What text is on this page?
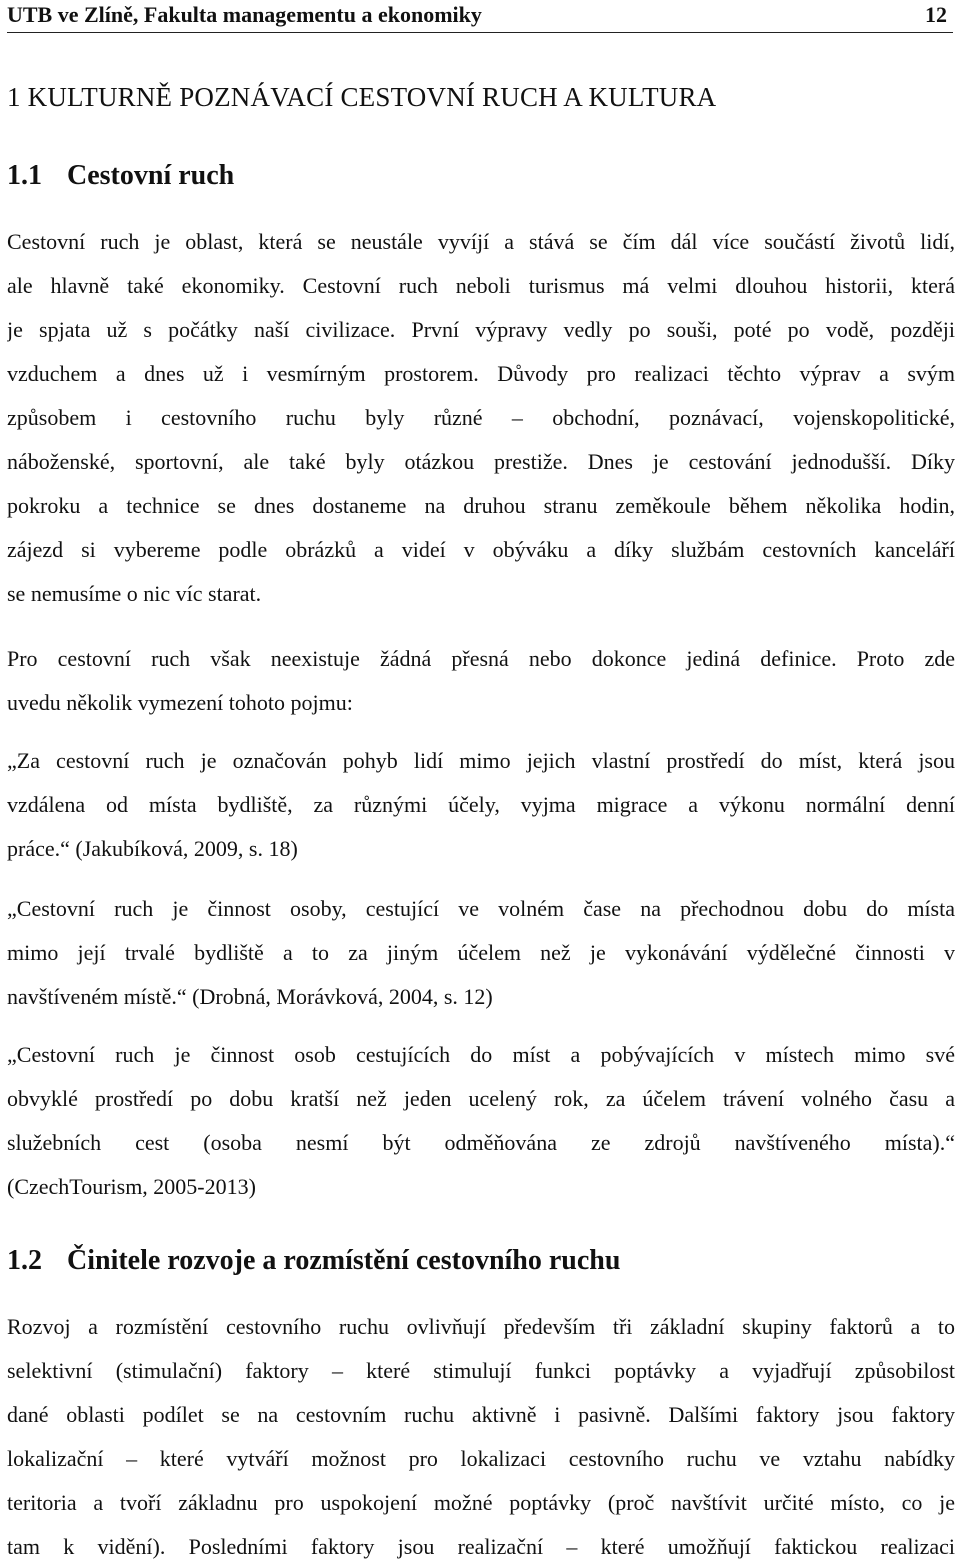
UTB ve Zlíně, Fakulta managementu a ekonomiky	12
1 KULTURNĚ POZNÁVACÍ CESTOVNÍ RUCH A KULTURA
1.1 Cestovní ruch
Cestovní ruch je oblast, která se neustále vyvíjí a stává se čím dál více součástí životů lidí,
ale hlavně také ekonomiky. Cestovní ruch neboli turismus má velmi dlouhou historii, která
je spjata už s počátky naší civilizace. První výpravy vedly po souši, poté po vodě, později
vzduchem a dnes už i vesmírným prostorem. Důvody pro realizaci těchto výprav a svým
způsobem i cestovního ruchu byly různé – obchodní, poznávací, vojenskopolitické,
náboženské, sportovní, ale také byly otázkou prestiže. Dnes je cestování jednodušší. Díky
pokroku a technice se dnes dostaneme na druhou stranu zeměkoule během několika hodin,
zájezd si vybereme podle obrázků a videí v obýváku a díky službám cestovních kanceláří
se nemusíme o nic víc starat.
Pro cestovní ruch však neexistuje žádná přesná nebo dokonce jediná definice. Proto zde
uvedu několik vymezení tohoto pojmu:
„Za cestovní ruch je označován pohyb lidí mimo jejich vlastní prostředí do míst, která jsou
vzdálena od místa bydliště, za různými účely, vyjma migrace a výkonu normální denní
práce.“ (Jakubíková, 2009, s. 18)
„Cestovní ruch je činnost osoby, cestující ve volném čase na přechodnou dobu do místa
mimo její trvalé bydliště a to za jiným účelem než je vykonávání výdělečné činnosti v
navštíveném místě.“ (Drobná, Morávková, 2004, s. 12)
„Cestovní ruch je činnost osob cestujících do míst a pobývajících v místech mimo své
obvyklé prostředí po dobu kratší než jeden ucelený rok, za účelem trávení volného času a
služebních cest (osoba nesmí být odměňována ze zdrojů navštíveného místa).“
(CzechTourism, 2005-2013)
1.2 Činitele rozvoje a rozmístění cestovního ruchu
Rozvoj a rozmístění cestovního ruchu ovlivňují především tři základní skupiny faktorů a to
selektivní (stimulační) faktory – které stimulují funkci poptávky a vyjadřují způsobilost
dané oblasti podílet se na cestovním ruchu aktivně i pasivně. Dalšími faktory jsou faktory
lokalizační – které vytváří možnost pro lokalizaci cestovního ruchu ve vztahu nabídky
teritoria a tvoří základnu pro uspokojení možné poptávky (proč navštívit určité místo, co je
tam k vidění). Posledními faktory jsou realizační – které umožňují faktickou realizaci
